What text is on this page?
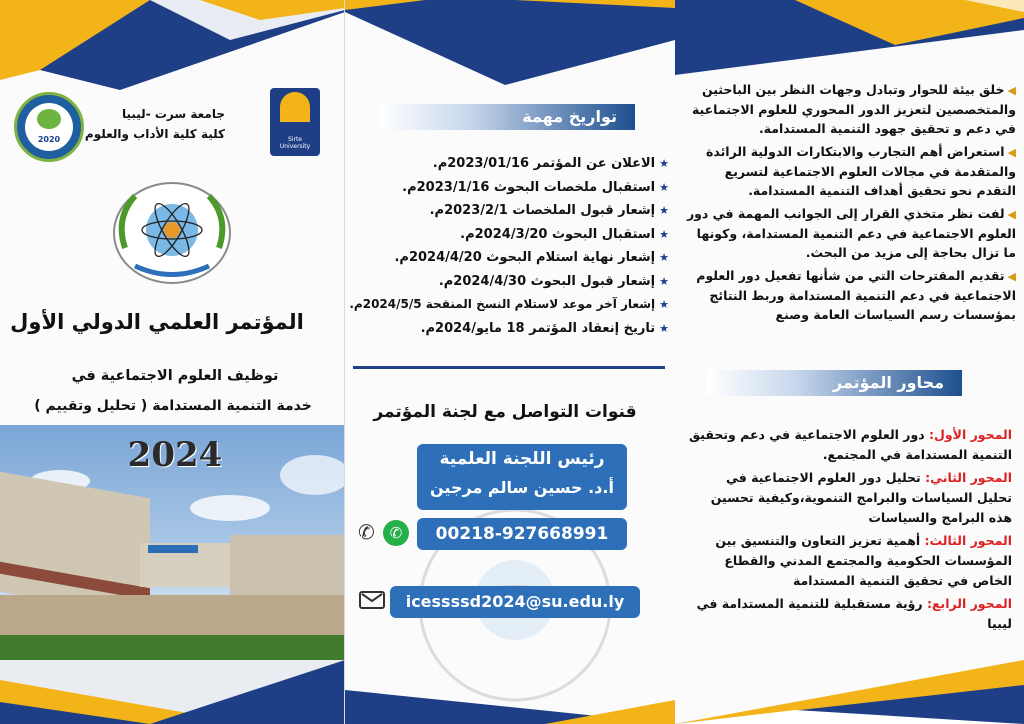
2020
جامعة سرت -ليبيا
كلية كلية الأداب والعلوم	Sirte University
المؤتمر العلمي الدولي الأول
توظيف العلوم الاجتماعية في
خدمة التنمية المستدامة ( تحليل وتقييم )
2024
تواريخ مهمة
★الاعلان عن المؤتمر 2023/01/16م.
★استقبال ملخصات البحوث 2023/1/16م.
★إشعار قبول الملخصات 2023/2/1م.
★استقبال البحوث 2024/3/20م.
★إشعار نهاية استلام البحوث 2024/4/20م.
★إشعار قبول البحوث 2024/4/30م.
★إشعار آخر موعد لاستلام النسخ المنقحة 2024/5/5م.
★تاريخ إنعقاد المؤتمر 18 مايو/2024م.
قنوات التواصل مع لجنة المؤتمر
رئيس اللجنة العلمية
أ.د. حسين سالم مرجين
✆ ✆	00218-927668991
icessssd2024@su.edu.ly
◀خلق بيئة للحوار وتبادل وجهات النظر بين الباحثين والمتخصصين لتعزيز الدور المحوري للعلوم الاجتماعية في دعم و تحقيق جهود التنمية المستدامة.
◀استعراض أهم التجارب والابتكارات الدولية الرائدة والمتقدمة في مجالات العلوم الاجتماعية لتسريع التقدم نحو تحقيق أهداف التنمية المستدامة.
◀لفت نظر متخذي القرار إلى الجوانب المهمة في دور العلوم الاجتماعية في دعم التنمية المستدامة، وكونها ما تزال بحاجة إلى مزيد من البحث.
◀تقديم المقترحات التي من شأنها تفعيل دور العلوم الاجتماعية في دعم التنمية المستدامة وربط النتائج بمؤسسات رسم السياسات العامة وصنع
محاور المؤتمر
المحور الأول: دور العلوم الاجتماعية في دعم وتحقيق التنمية المستدامة في المجتمع.
المحور الثاني: تحليل دور العلوم الاجتماعية في تحليل السياسات والبرامج التنموية،وكيفية تحسين هذه البرامج والسياسات
المحور الثالث: أهمية تعزيز التعاون والتنسيق بين المؤسسات الحكومية والمجتمع المدني والقطاع الخاص في تحقيق التنمية المستدامة
المحور الرابع: رؤية مستقبلية للتنمية المستدامة في ليبيا
